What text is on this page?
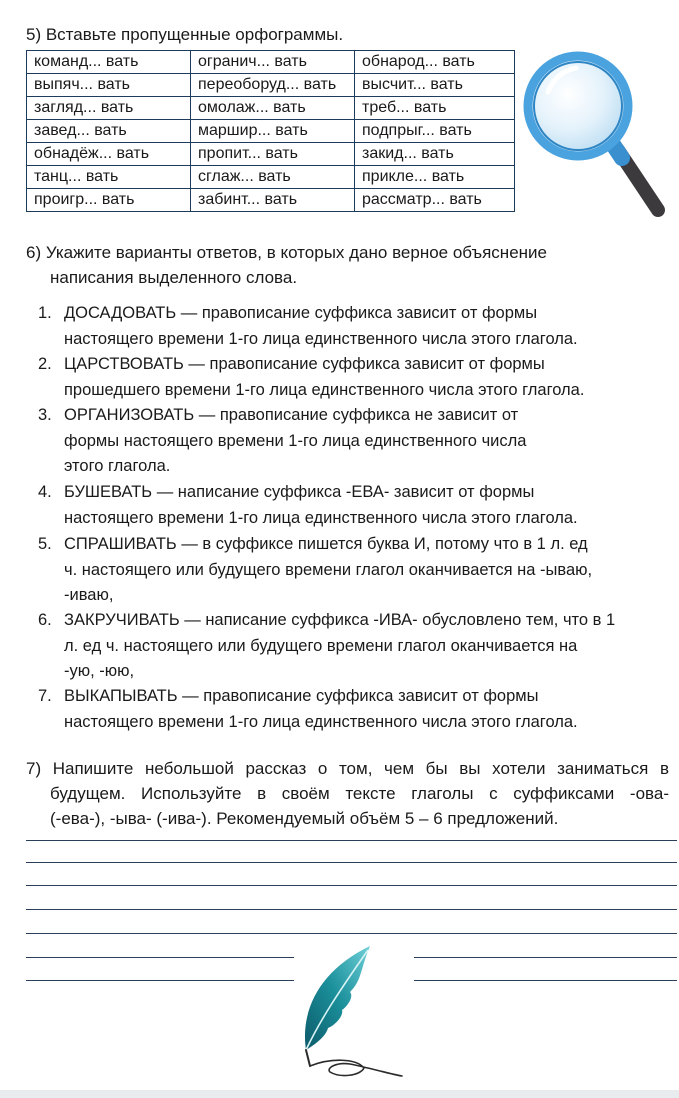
5) Вставьте пропущенные орфограммы.
команд... вать	огранич... вать	обнарод... вать
выпяч... вать	переоборуд... вать	высчит... вать
загляд... вать	омолаж... вать	треб... вать
завед... вать	маршир... вать	подпрыг... вать
обнадёж... вать	пропит... вать	закид... вать
танц... вать	сглаж... вать	прикле... вать
проигр... вать	забинт... вать	рассматр... вать
6) Укажите варианты ответов, в которых дано верное объяснение
написания выделенного слова.
1. ДОСАДОВАТЬ — правописание суффикса зависит от формы
настоящего времени 1-го лица единственного числа этого глагола.
2. ЦАРСТВОВАТЬ — правописание суффикса зависит от формы
прошедшего времени 1-го лица единственного числа этого глагола.
3. ОРГАНИЗОВАТЬ — правописание суффикса не зависит от
формы настоящего времени 1-го лица единственного числа
этого глагола.
4. БУШЕВАТЬ — написание суффикса -ЕВА- зависит от формы
настоящего времени 1-го лица единственного числа этого глагола.
5. СПРАШИВАТЬ — в суффиксе пишется буква И, потому что в 1 л. ед
ч. настоящего или будущего времени глагол оканчивается на -ываю,
-иваю,
6. ЗАКРУЧИВАТЬ — написание суффикса -ИВА- обусловлено тем, что в 1
л. ед ч. настоящего или будущего времени глагол оканчивается на
-ую, -юю,
7. ВЫКАПЫВАТЬ — правописание суффикса зависит от формы
настоящего времени 1-го лица единственного числа этого глагола.
7) Напишите небольшой рассказ о том, чем бы вы хотели заниматься в
будущем. Используйте в своём тексте глаголы с суффиксами -ова-
(-ева-), -ыва- (-ива-). Рекомендуемый объём 5 – 6 предложений.
